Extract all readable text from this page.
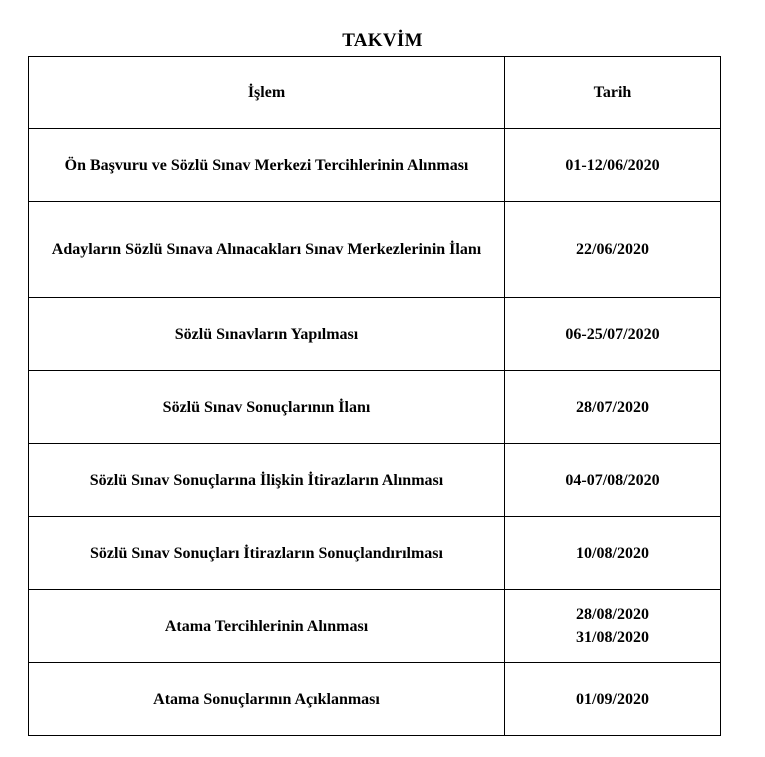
TAKVİM
İşlem	Tarih
Ön Başvuru ve Sözlü Sınav Merkezi Tercihlerinin Alınması	01-12/06/2020

Adayların Sözlü Sınava Alınacakları Sınav Merkezlerinin İlanı	22/06/2020

Sözlü Sınavların Yapılması	06-25/07/2020

Sözlü Sınav Sonuçlarının İlanı	28/07/2020

Sözlü Sınav Sonuçlarına İlişkin İtirazların Alınması	04-07/08/2020

Sözlü Sınav Sonuçları İtirazların Sonuçlandırılması	10/08/2020

Atama Tercihlerinin Alınması	28/08/2020
31/08/2020

Atama Sonuçlarının Açıklanması	01/09/2020
